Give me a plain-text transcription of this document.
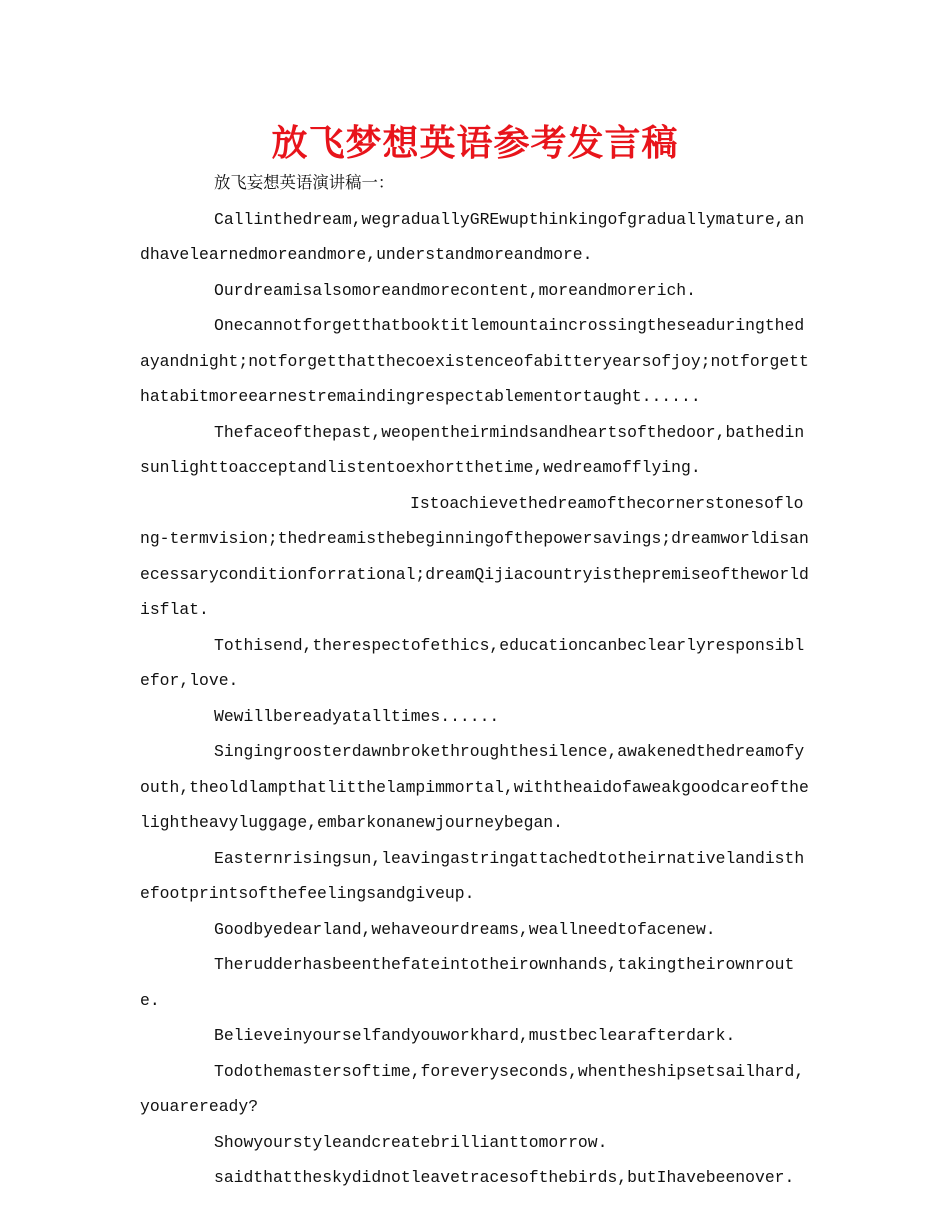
放飞梦想英语参考发言稿

放飞妄想英语演讲稿一：

Callinthedream,wegraduallyGREwupthinkingofgraduallymature,andhavelearnedmoreandmore,understandmoreandmore.

Ourdreamisalsomoreandmorecontent,moreandmorerich.

Onecannotforgetthatbooktitlemountaincrossingtheseaduringthedayandnight;notforgetthatthecoexistenceofabitteryearsofjoy;notforgetthatabitmoreearnestremaindingrespectablementortaught......

Thefaceofthepast,weopentheirmindsandheartsofthedoor,bathedinsunlighttoacceptandlistentoexhortthetime,wedreamofflying.

Istoachievethedreamofthecornerstonesoflong-termvision;thedreamisthebeginningofthepowersavings;dreamworldisanecessaryconditionforrational;dreamQijiacountryisthepremiseoftheworldisflat.

Tothisend,therespectofethics,educationcanbeclearlyresponsiblefor,love.

Wewillbereadyatalltimes......

Singingroosterdawnbrokethroughthesilence,awakenedthedreamofyouth,theoldlampthatlitthelampimmortal,withtheaidofaweakgoodcareofthelightheavyluggage,embarkonanewjourneybegan.

Easternrisingsun,leavingastringattachedtotheirnativelandisthefootprintsofthefeelingsandgiveup.

Goodbyedearland,wehaveourdreams,weallneedtofacenew.

Therudderhasbeenthefateintotheirownhands,takingtheirownroute.

Believeinyourselfandyouworkhard,mustbeclearafterdark.

Todothemastersoftime,foreveryseconds,whentheshipsetsailhard,youareready?

Showyourstyleandcreatebrillianttomorrow.

saidthattheskydidnotleavetracesofthebirds,butIhavebeenover.
